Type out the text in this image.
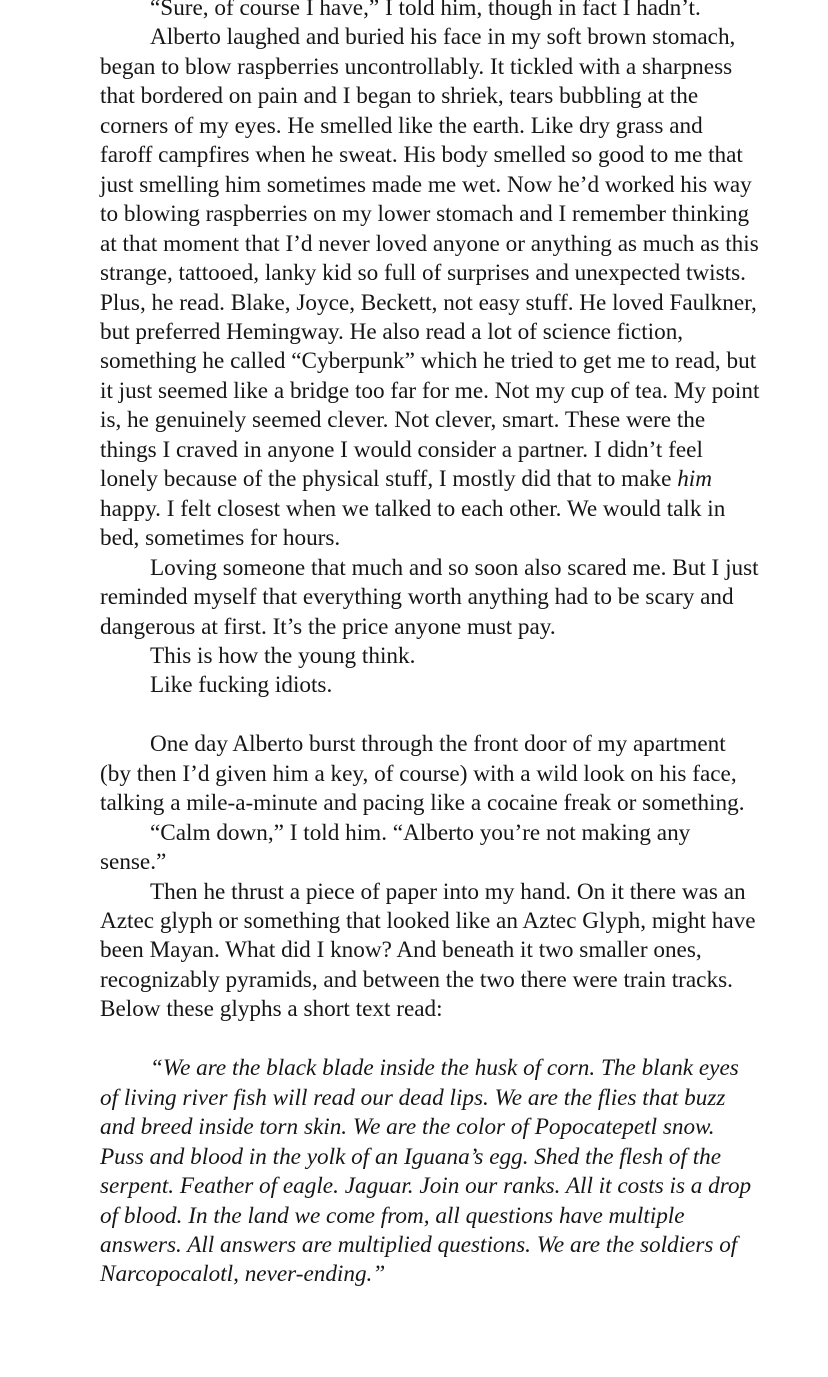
“Sure, of course I have,” I told him, though in fact I hadn’t.

Alberto laughed and buried his face in my soft brown stomach, began to blow raspberries uncontrollably. It tickled with a sharpness that bordered on pain and I began to shriek, tears bubbling at the corners of my eyes. He smelled like the earth. Like dry grass and faroff campfires when he sweat. His body smelled so good to me that just smelling him sometimes made me wet. Now he’d worked his way to blowing raspberries on my lower stomach and I remember thinking at that moment that I’d never loved anyone or anything as much as this strange, tattooed, lanky kid so full of surprises and unexpected twists. Plus, he read. Blake, Joyce, Beckett, not easy stuff. He loved Faulkner, but preferred Hemingway. He also read a lot of science fiction, something he called “Cyberpunk” which he tried to get me to read, but it just seemed like a bridge too far for me. Not my cup of tea. My point is, he genuinely seemed clever. Not clever, smart. These were the things I craved in anyone I would consider a partner. I didn’t feel lonely because of the physical stuff, I mostly did that to make him happy. I felt closest when we talked to each other. We would talk in bed, sometimes for hours.

Loving someone that much and so soon also scared me. But I just reminded myself that everything worth anything had to be scary and dangerous at first. It’s the price anyone must pay.

This is how the young think.

Like fucking idiots.

One day Alberto burst through the front door of my apartment (by then I’d given him a key, of course) with a wild look on his face, talking a mile-a-minute and pacing like a cocaine freak or something.

“Calm down,” I told him. “Alberto you’re not making any sense.”

Then he thrust a piece of paper into my hand. On it there was an Aztec glyph or something that looked like an Aztec Glyph, might have been Mayan. What did I know? And beneath it two smaller ones, recognizably pyramids, and between the two there were train tracks. Below these glyphs a short text read:

“We are the black blade inside the husk of corn. The blank eyes of living river fish will read our dead lips. We are the flies that buzz and breed inside torn skin. We are the color of Popocatepetl snow. Puss and blood in the yolk of an Iguana’s egg. Shed the flesh of the serpent. Feather of eagle. Jaguar. Join our ranks. All it costs is a drop of blood. In the land we come from, all questions have multiple answers. All answers are multiplied questions. We are the soldiers of Narcopocalotl, never-ending.”
